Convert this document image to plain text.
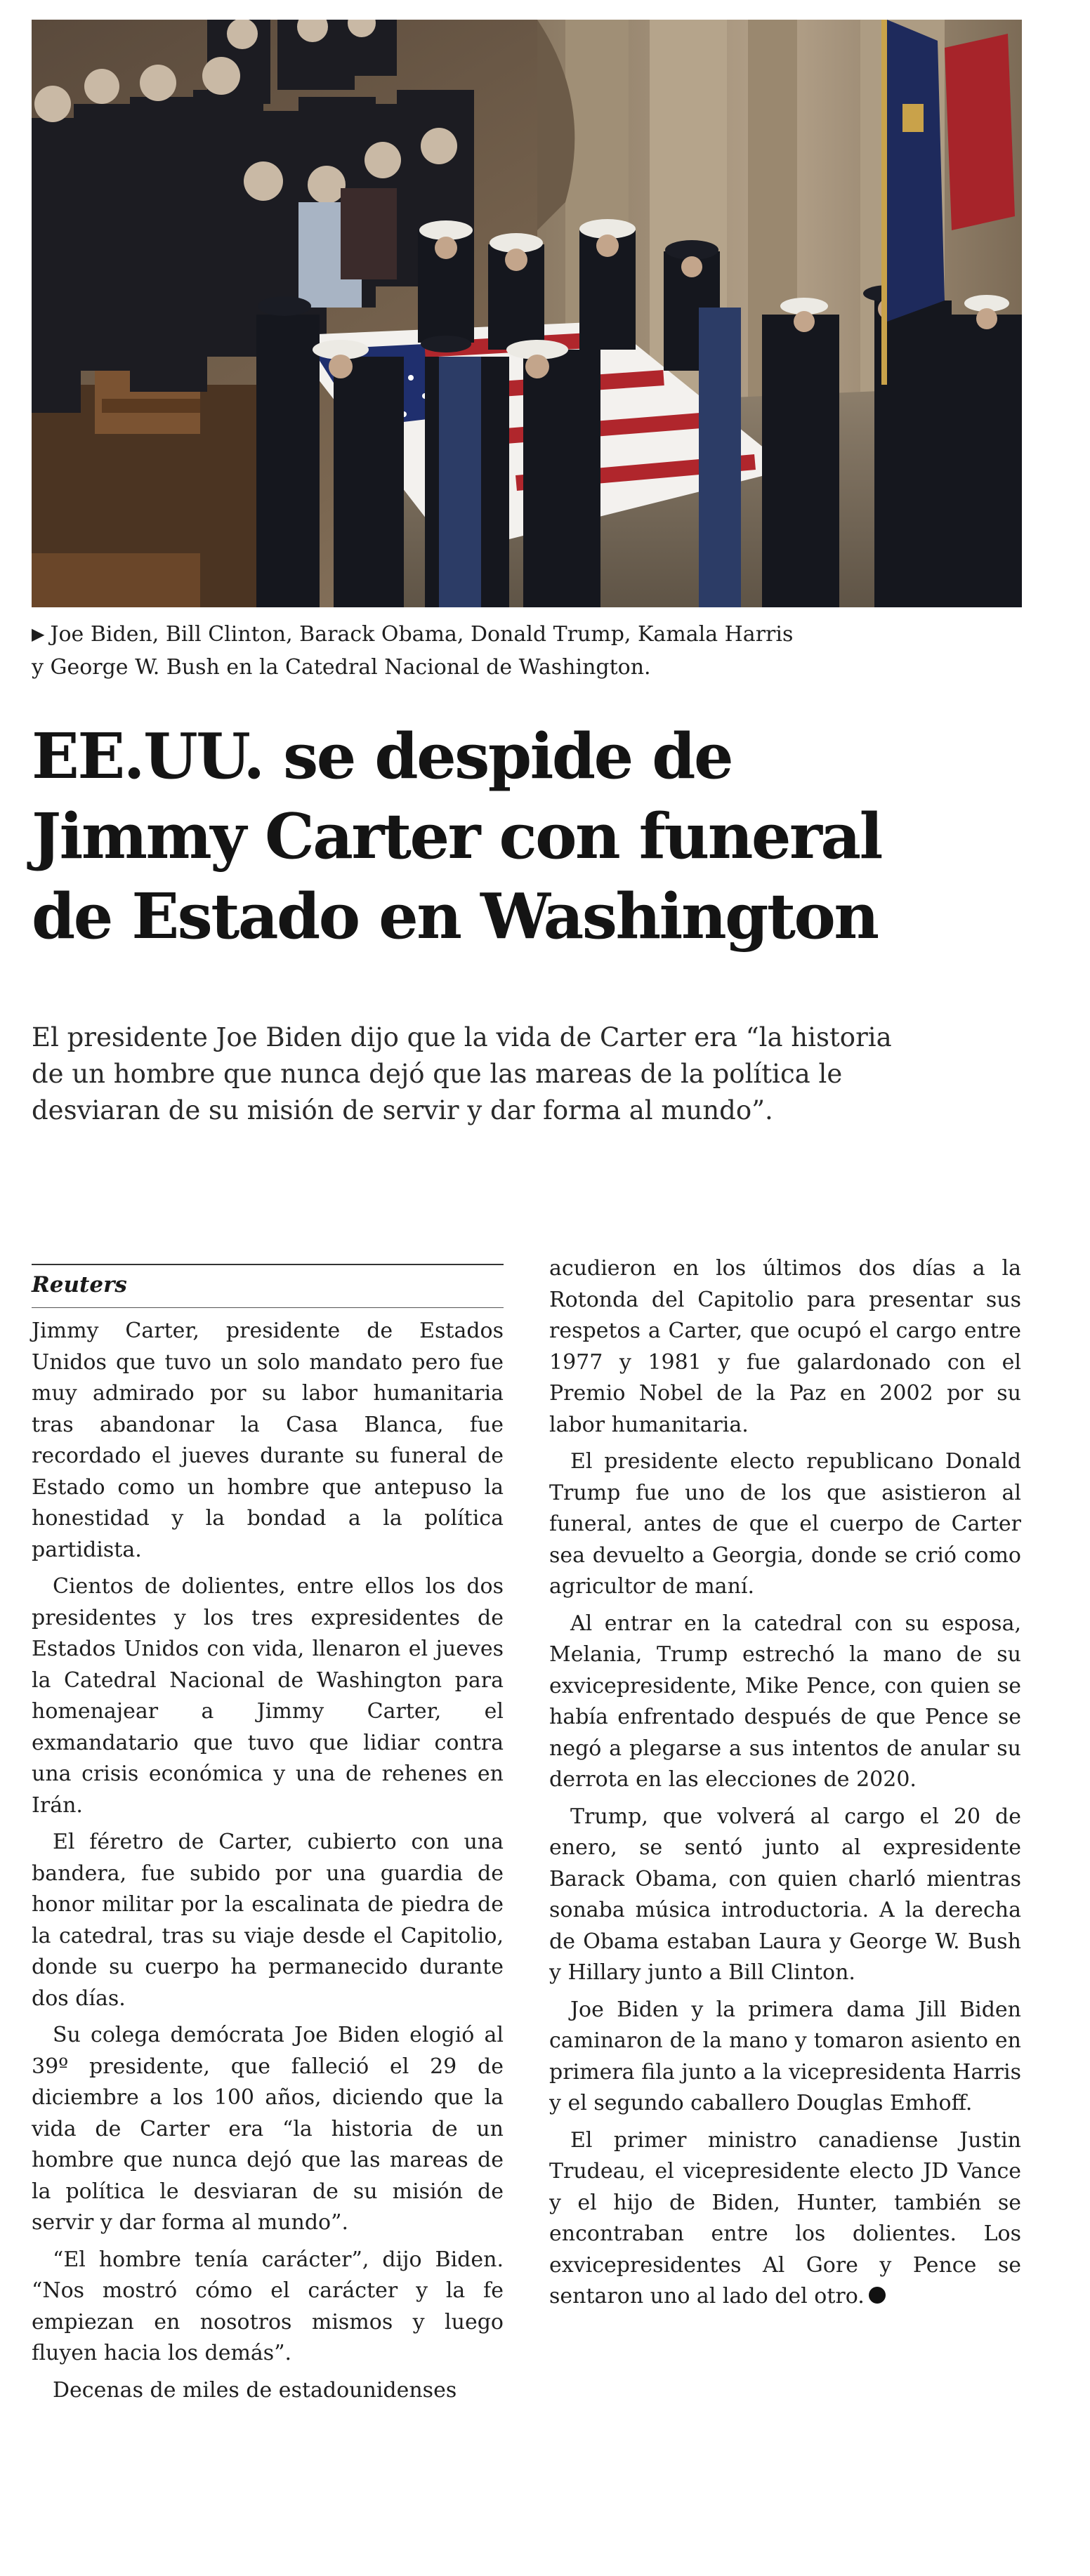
▶ Joe Biden, Bill Clinton, Barack Obama, Donald Trump, Kamala Harris
y George W. Bush en la Catedral Nacional de Washington.
EE.UU. se despide de
Jimmy Carter con funeral
de Estado en Washington
El presidente Joe Biden dijo que la vida de Carter era “la historia
de un hombre que nunca dejó que las mareas de la política le
desviaran de su misión de servir y dar forma al mundo”.
Reuters

Jimmy Carter, presidente de Estados Unidos que tuvo un solo mandato pero fue muy admirado por su labor humanitaria tras abandonar la Casa Blanca, fue recordado el jueves durante su funeral de Estado como un hombre que antepuso la honestidad y la bondad a la política partidista.

Cientos de dolientes, entre ellos los dos presidentes y los tres expresidentes de Estados Unidos con vida, llenaron el jueves la Catedral Nacional de Washington para homenajear a Jimmy Carter, el exmandatario que tuvo que lidiar contra una crisis económica y una de rehenes en Irán.

El féretro de Carter, cubierto con una bandera, fue subido por una guardia de honor militar por la escalinata de piedra de la catedral, tras su viaje desde el Capitolio, donde su cuerpo ha permanecido durante dos días.

Su colega demócrata Joe Biden elogió al 39º presidente, que falleció el 29 de diciembre a los 100 años, diciendo que la vida de Carter era “la historia de un hombre que nunca dejó que las mareas de la política le desviaran de su misión de servir y dar forma al mundo”.

“El hombre tenía carácter”, dijo Biden. “Nos mostró cómo el carácter y la fe empiezan en nosotros mismos y luego fluyen hacia los demás”.

Decenas de miles de estadounidenses

acudieron en los últimos dos días a la Rotonda del Capitolio para presentar sus respetos a Carter, que ocupó el cargo entre 1977 y 1981 y fue galardonado con el Premio Nobel de la Paz en 2002 por su labor humanitaria.

El presidente electo republicano Donald Trump fue uno de los que asistieron al funeral, antes de que el cuerpo de Carter sea devuelto a Georgia, donde se crió como agricultor de maní.

Al entrar en la catedral con su esposa, Melania, Trump estrechó la mano de su exvicepresidente, Mike Pence, con quien se había enfrentado después de que Pence se negó a plegarse a sus intentos de anular su derrota en las elecciones de 2020.

Trump, que volverá al cargo el 20 de enero, se sentó junto al expresidente Barack Obama, con quien charló mientras sonaba música introductoria. A la derecha de Obama estaban Laura y George W. Bush y Hillary junto a Bill Clinton.

Joe Biden y la primera dama Jill Biden caminaron de la mano y tomaron asiento en primera fila junto a la vicepresidenta Harris y el segundo caballero Douglas Emhoff.

El primer ministro canadiense Justin Trudeau, el vicepresidente electo JD Vance y el hijo de Biden, Hunter, también se encontraban entre los dolientes. Los exvicepresidentes Al Gore y Pence se sentaron uno al lado del otro.
